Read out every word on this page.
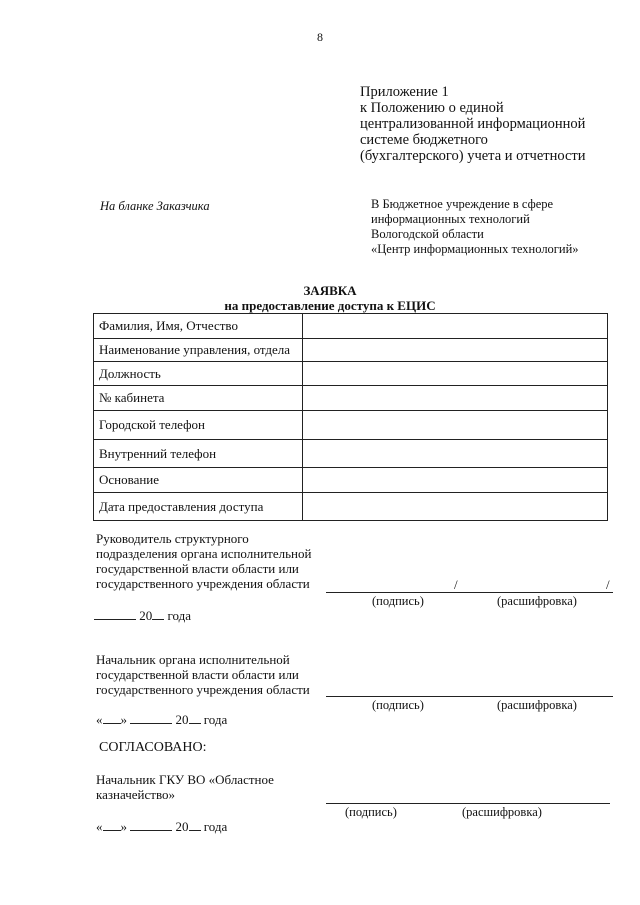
8
Приложение 1
к Положению о единой
централизованной информационной
системе бюджетного
(бухгалтерского) учета и отчетности
На бланке Заказчика	В Бюджетное учреждение в сфере
информационных технологий
Вологодской области
«Центр информационных технологий»
ЗАЯВКА
на предоставление доступа к ЕЦИС
Фамилия, Имя, Отчество	
Наименование управления, отдела	
Должность	
№ кабинета	
Городской телефон	
Внутренний телефон	
Основание	
Дата предоставления доступа	
Руководитель структурного
подразделения органа исполнительной
государственной власти области или
государственного учреждения области	/	/
(подпись)	(расшифровка)
20 года
Начальник органа исполнительной
государственной власти области или
государственного учреждения области
(подпись)	(расшифровка)
« »	20 года
СОГЛАСОВАНО:
Начальник ГКУ ВО «Областное
казначейство»
(подпись)	(расшифровка)
« »	20 года
